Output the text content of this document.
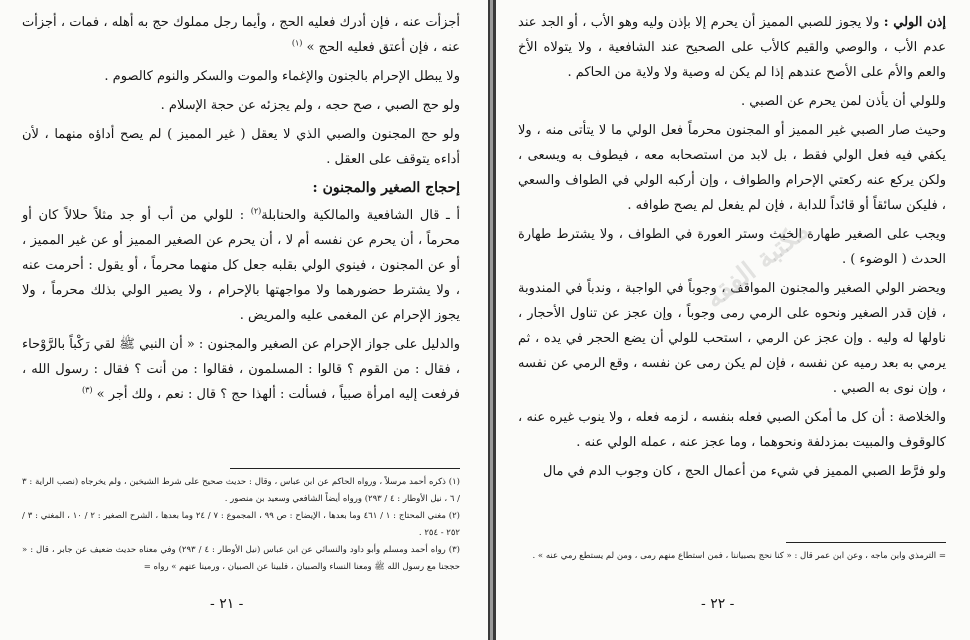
أجزأت عنه ، فإن أدرك فعليه الحج ، وأيما رجل مملوك حج به أهله ، فمات ، أجزأت عنه ، فإن أعتق فعليه الحج » $^{(١)}$

ولا يبطل الإحرام بالجنون والإغماء والموت والسكر والنوم كالصوم .

ولو حج الصبي ، صح حجه ، ولم يجزئه عن حجة الإسلام .

ولو حج المجنون والصبي الذي لا يعقل ( غير المميز ) لم يصح أداؤه منهما ، لأن أداءه يتوقف على العقل .

إحجاج الصغير والمجنون :

أ ـ قال الشافعية والمالكية والحنابلة$^{(٢)}$ : للولي من أب أو جد مثلاً حلالاً كان أو محرماً ، أن يحرم عن نفسه أم لا ، أن يحرم عن الصغير المميز أو عن غير المميز ، أو عن المجنون ، فينوي الولي بقلبه جعل كل منهما محرماً ، أو يقول : أحرمت عنه ، ولا يشترط حضورهما ولا مواجهتها بالإحرام ، ولا يصير الولي بذلك محرماً ، ولا يجوز الإحرام عن المغمى عليه والمريض .

والدليل على جواز الإحرام عن الصغير والمجنون : « أن النبي ﷺ لقي رَكْباً بالرَّوْحاء ، فقال : من القوم ؟ قالوا : المسلمون ، فقالوا : من أنت ؟ فقال : رسول الله ، فرفعت إليه امرأة صبياً ، فسألت : ألهذا حج ؟ قال : نعم ، ولك أجر » $^{(٣)}$

(١) ذكره أحمد مرسلاً ، ورواه الحاكم عن ابن عباس ، وقال : حديث صحيح على شرط الشيخين ، ولم يخرجاه (نصب الراية : ٣ / ٦ ، نيل الأوطار : ٤ / ٢٩٣) ورواه أيضاً الشافعي وسعيد بن منصور .

(٢) مغني المحتاج : ١ / ٤٦١ وما بعدها ، الإيضاح : ص ٩٩ ، المجموع : ٧ / ٢٤ وما بعدها ، الشرح الصغير : ٢ / ١٠ ، المغني : ٣ / ٢٥٢ - ٢٥٤ .

(٣) رواه أحمد ومسلم وأبو داود والنسائي عن ابن عباس (نيل الأوطار : ٤ / ٢٩٣) وفي معناه حديث ضعيف عن جابر ، قال : « حججنا مع رسول الله ﷺ ومعنا النساء والصبيان ، فلبينا عن الصبيان ، ورمينا عنهم » رواه =

- ٢١ -

إذن الولي : ولا يجوز للصبي المميز أن يحرم إلا بإذن وليه وهو الأب ، أو الجد عند عدم الأب ، والوصي والقيم كالأب على الصحيح عند الشافعية ، ولا يتولاه الأخ والعم والأم على الأصح عندهم إذا لم يكن له وصية ولا ولاية من الحاكم .

وللولي أن يأذن لمن يحرم عن الصبي .

وحيث صار الصبي غير المميز أو المجنون محرماً فعل الولي ما لا يتأتى منه ، ولا يكفي فيه فعل الولي فقط ، بل لابد من استصحابه معه ، فيطوف به ويسعى ، ولكن يركع عنه ركعتي الإحرام والطواف ، وإن أركبه الولي في الطواف والسعي ، فليكن سائقاً أو قائداً للدابة ، فإن لم يفعل لم يصح طوافه .

ويجب على الصغير طهارة الخبث وستر العورة في الطواف ، ولا يشترط طهارة الحدث ( الوضوء ) .

ويحضر الولي الصغير والمجنون المواقف ، وجوباً في الواجبة ، وندباً في المندوبة ، فإن قدر الصغير ونحوه على الرمي رمى وجوباً ، وإن عجز عن تناول الأحجار ، ناولها له وليه . وإن عجز عن الرمي ، استحب للولي أن يضع الحجر في يده ، ثم يرمي به بعد رميه عن نفسه ، فإن لم يكن رمى عن نفسه ، وقع الرمي عن نفسه ، وإن نوى به الصبي .

والخلاصة : أن كل ما أمكن الصبي فعله بنفسه ، لزمه فعله ، ولا ينوب غيره عنه ، كالوقوف والمبيت بمزدلفة ونحوهما ، وما عجز عنه ، عمله الولي عنه .

ولو فرَّط الصبي المميز في شيء من أعمال الحج ، كان وجوب الدم في مال

= الترمذي وابن ماجه ، وعن ابن عمر قال : « كنا نحج بصبياننا ، فمن استطاع منهم رمى ، ومن لم يستطع رمي عنه » .

- ٢٢ -
مكتبة الفقه
